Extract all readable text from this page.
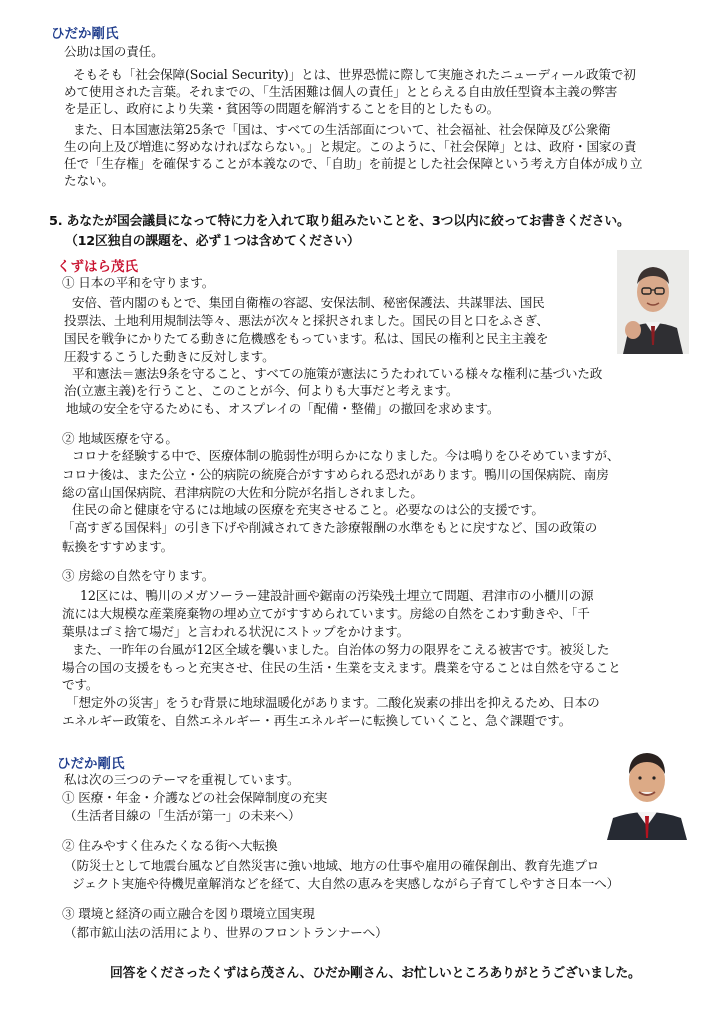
ひだか剛氏
公助は国の責任。
そもそも「社会保障(Social Security)」とは、世界恐慌に際して実施されたニューディール政策で初
めて使用された言葉。それまでの、「生活困難は個人の責任」ととらえる自由放任型資本主義の弊害
を是正し、政府により失業・貧困等の問題を解消することを目的としたもの。
また、日本国憲法第25条で「国は、すべての生活部面について、社会福祉、社会保障及び公衆衛
生の向上及び増進に努めなければならない。」と規定。このように、「社会保障」とは、政府・国家の責
任で「生存権」を確保することが本義なので、「自助」を前提とした社会保障という考え方自体が成り立
たない。
5. あなたが国会議員になって特に力を入れて取り組みたいことを、3つ以内に絞ってお書きください。
（12区独自の課題を、必ず１つは含めてください）
くずはら茂氏
① 日本の平和を守ります。
安倍、菅内閣のもとで、集団自衛権の容認、安保法制、秘密保護法、共謀罪法、国民
投票法、土地利用規制法等々、悪法が次々と採択されました。国民の目と口をふさぎ、
国民を戦争にかりたてる動きに危機感をもっています。私は、国民の権利と民主主義を
圧殺するこうした動きに反対します。
平和憲法＝憲法9条を守ること、すべての施策が憲法にうたわれている様々な権利に基づいた政
治(立憲主義)を行うこと、このことが今、何よりも大事だと考えます。
地域の安全を守るためにも、オスプレイの「配備・整備」の撤回を求めます。
② 地域医療を守る。
コロナを経験する中で、医療体制の脆弱性が明らかになりました。今は鳴りをひそめていますが、
コロナ後は、また公立・公的病院の統廃合がすすめられる恐れがあります。鴨川の国保病院、南房
総の富山国保病院、君津病院の大佐和分院が名指しされました。
住民の命と健康を守るには地域の医療を充実させること。必要なのは公的支援です。
「高すぎる国保料」の引き下げや削減されてきた診療報酬の水準をもとに戻すなど、国の政策の
転換をすすめます。
③ 房総の自然を守ります。
12区には、鴨川のメガソーラー建設計画や鋸南の汚染残土埋立て問題、君津市の小櫃川の源
流には大規模な産業廃棄物の埋め立てがすすめられています。房総の自然をこわす動きや、「千
葉県はゴミ捨て場だ」と言われる状況にストップをかけます。
また、一昨年の台風が12区全域を襲いました。自治体の努力の限界をこえる被害です。被災した
場合の国の支援をもっと充実させ、住民の生活・生業を支えます。農業を守ることは自然を守ること
です。
「想定外の災害」をうむ背景に地球温暖化があります。二酸化炭素の排出を抑えるため、日本の
エネルギー政策を、自然エネルギー・再生エネルギーに転換していくこと、急ぐ課題です。
ひだか剛氏
私は次の三つのテーマを重視しています。
① 医療・年金・介護などの社会保障制度の充実
（生活者目線の「生活が第一」の未来へ）
② 住みやすく住みたくなる街へ大転換
（防災士として地震台風など自然災害に強い地域、地方の仕事や雇用の確保創出、教育先進プロ
ジェクト実施や待機児童解消などを経て、大自然の恵みを実感しながら子育てしやすさ日本一へ）
③ 環境と経済の両立融合を図り環境立国実現
（都市鉱山法の活用により、世界のフロントランナーへ）
回答をくださったくずはら茂さん、ひだか剛さん、お忙しいところありがとうございました。
